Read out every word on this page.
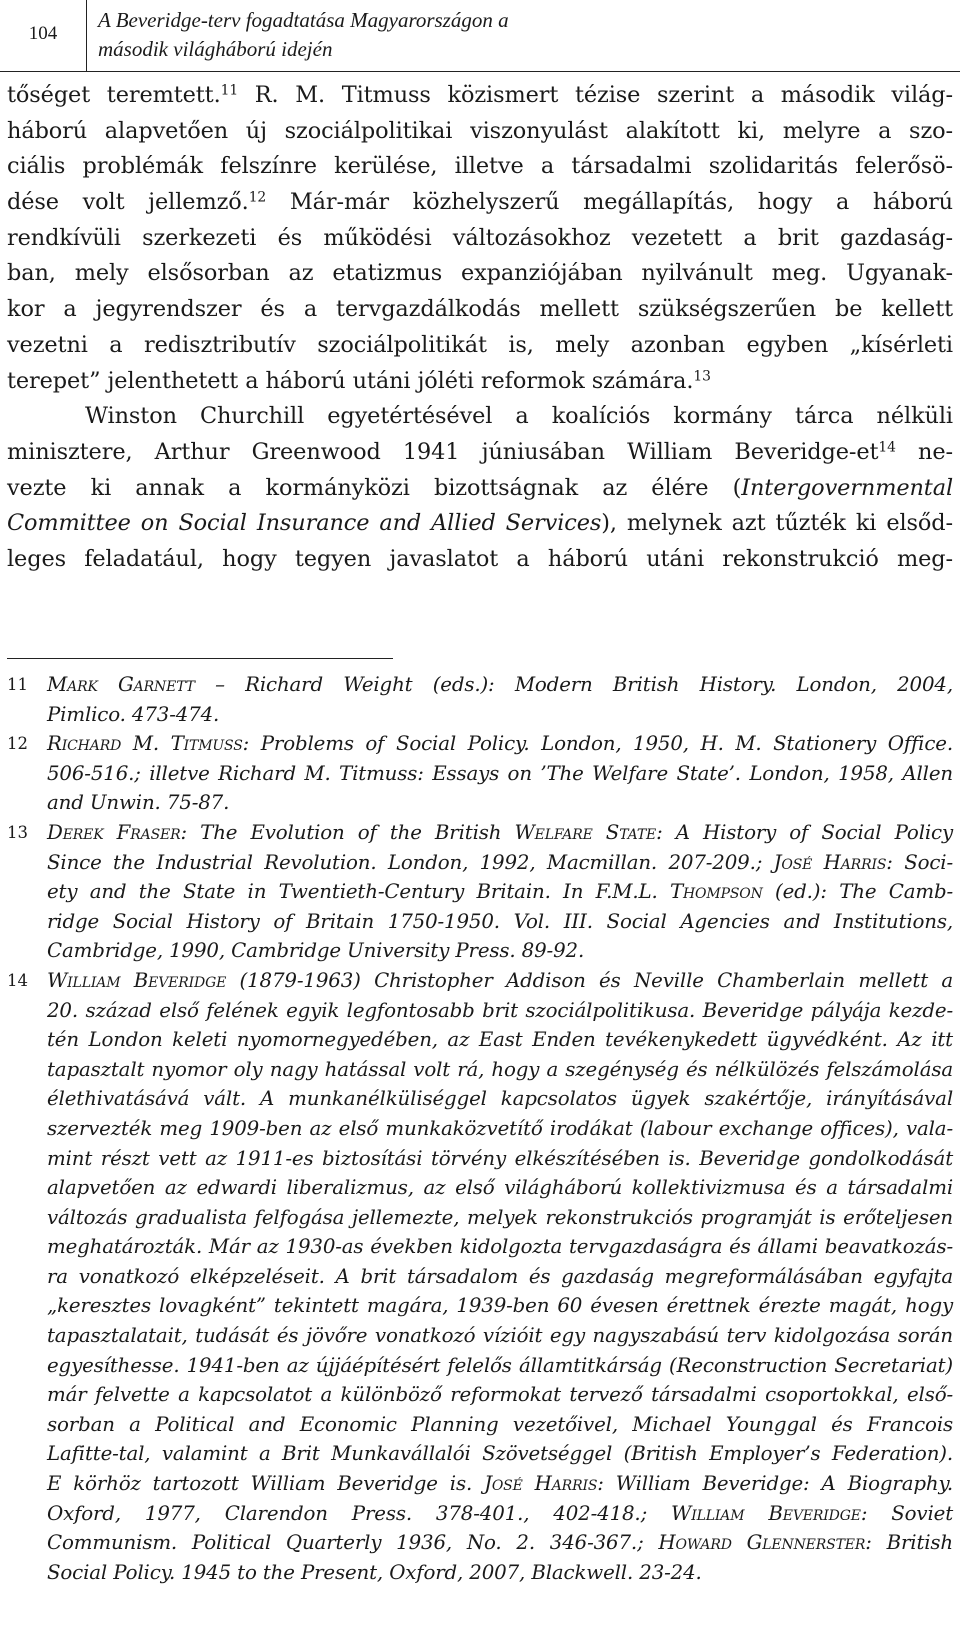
104
A Beveridge-terv fogadtatása Magyarországon a
második világháború idején
tőséget teremtett.$^{11}$ R. M. Titmuss közismert tézise szerint a második világ-
háború alapvetően új szociálpolitikai viszonyulást alakított ki, melyre a szo-
ciális problémák felszínre kerülése, illetve a társadalmi szolidaritás felerősö-
dése volt jellemző.$^{12}$ Már-már közhelyszerű megállapítás, hogy a háború
rendkívüli szerkezeti és működési változásokhoz vezetett a brit gazdaság-
ban, mely elsősorban az etatizmus expanziójában nyilvánult meg. Ugyanak-
kor a jegyrendszer és a tervgazdálkodás mellett szükségszerűen be kellett
vezetni a redisztributív szociálpolitikát is, mely azonban egyben „kísérleti
terepet” jelenthetett a háború utáni jóléti reformok számára.$^{13}$
Winston Churchill egyetértésével a koalíciós kormány tárca nélküli
minisztere, Arthur Greenwood 1941 júniusában William Beveridge-$et^{14}$ ne-
vezte ki annak a kormányközi bizottságnak az élére (Intergovernmental
Committee on Social Insurance and Allied Services), melynek azt tűzték ki elsőd-
leges feladatául, hogy tegyen javaslatot a háború utáni rekonstrukció meg-
11 Mark Garnett – Richard Weight (eds.): Modern British History. London, 2004,
Pimlico. 473-474.
12 Richard M. Titmuss: Problems of Social Policy. London, 1950, H. M. Stationery Office.
506-516.; illetve Richard M. Titmuss: Essays on ’The Welfare State’. London, 1958, Allen
and Unwin. 75-87.
13 Derek Fraser: The Evolution of the British Welfare State: A History of Social Policy
Since the Industrial Revolution. London, 1992, Macmillan. 207-209.; José Harris: Soci-
ety and the State in Twentieth-Century Britain. In F.M.L. Thompson (ed.): The Camb-
ridge Social History of Britain 1750-1950. Vol. III. Social Agencies and Institutions,
Cambridge, 1990, Cambridge University Press. 89-92.
14 William Beveridge (1879-1963) Christopher Addison és Neville Chamberlain mellett a
20. század első felének egyik legfontosabb brit szociálpolitikusa. Beveridge pályája kezde-
tén London keleti nyomornegyedében, az East Enden tevékenykedett ügyvédként. Az itt
tapasztalt nyomor oly nagy hatással volt rá, hogy a szegénység és nélkülözés felszámolása
élethivatásává vált. A munkanélküliséggel kapcsolatos ügyek szakértője, irányításával
szervezték meg 1909-ben az első munkaközvetítő irodákat (labour exchange offices), vala-
mint részt vett az 1911-es biztosítási törvény elkészítésében is. Beveridge gondolkodását
alapvetően az edwardi liberalizmus, az első világháború kollektivizmusa és a társadalmi
változás gradualista felfogása jellemezte, melyek rekonstrukciós programját is erőteljesen
meghatározták. Már az 1930-as években kidolgozta tervgazdaságra és állami beavatkozás-
ra vonatkozó elképzeléseit. A brit társadalom és gazdaság megreformálásában egyfajta
„keresztes lovagként” tekintett magára, 1939-ben 60 évesen érettnek érezte magát, hogy
tapasztalatait, tudását és jövőre vonatkozó vízióit egy nagyszabású terv kidolgozása során
egyesíthesse. 1941-ben az újjáépítésért felelős államtitkárság (Reconstruction Secretariat)
már felvette a kapcsolatot a különböző reformokat tervező társadalmi csoportokkal, első-
sorban a Political and Economic Planning vezetőivel, Michael Younggal és Francois
Lafitte-tal, valamint a Brit Munkavállalói Szövetséggel (British Employer’s Federation).
E körhöz tartozott William Beveridge is. José Harris: William Beveridge: A Biography.
Oxford, 1977, Clarendon Press. 378-401., 402-418.; William Beveridge: Soviet
Communism. Political Quarterly 1936, No. 2. 346-367.; Howard Glennerster: British
Social Policy. 1945 to the Present, Oxford, 2007, Blackwell. 23-24.
